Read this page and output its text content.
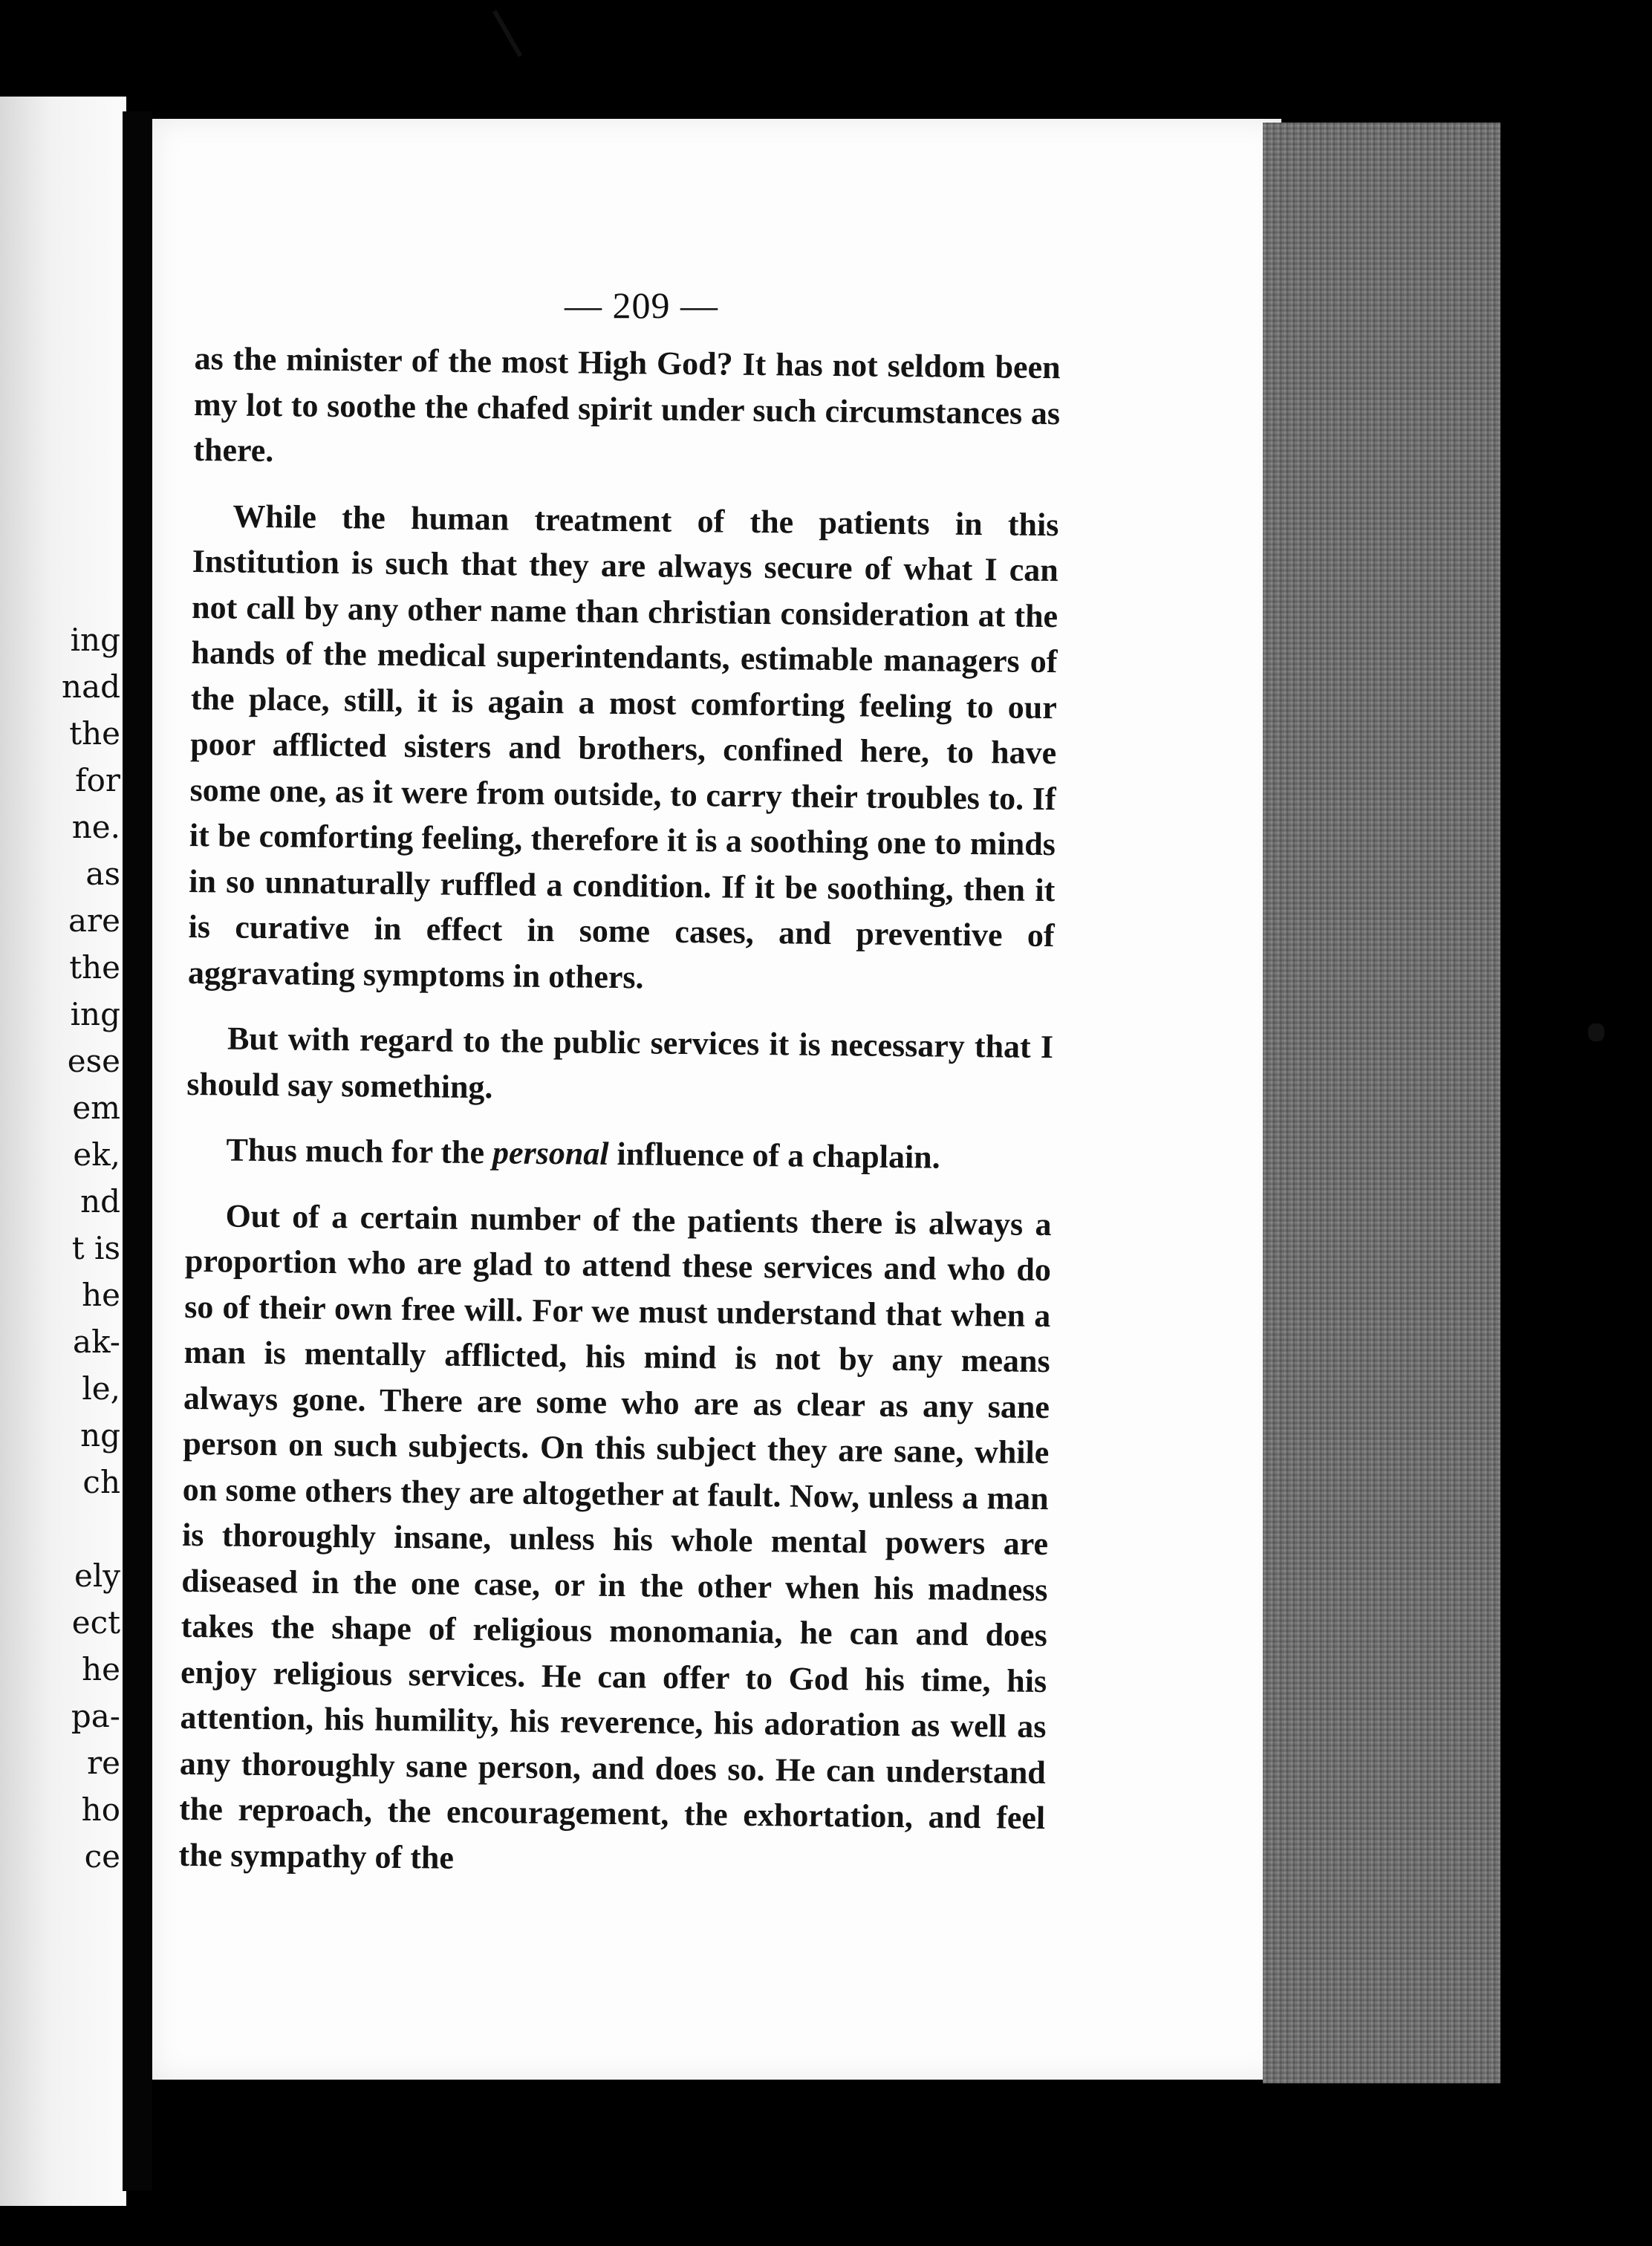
ing
nad
the
for
ne.
as
are
the
ing
ese
em
ek,
nd
t is
he
ak-
le,
ng
ch
ely
ect
he
pa-
re
ho
ce
— 209 —

as the minister of the most High God? It has not seldom been my lot to soothe the chafed spirit under such circumstances as there.

While the human treatment of the patients in this Institution is such that they are always secure of what I can not call by any other name than christian consideration at the hands of the medical superintendants, estimable managers of the place, still, it is again a most comforting feeling to our poor afflicted sisters and brothers, confined here, to have some one, as it were from outside, to carry their troubles to. If it be comforting feeling, therefore it is a soothing one to minds in so unnaturally ruffled a condition. If it be soothing, then it is curative in effect in some cases, and preventive of aggravating symptoms in others.

But with regard to the public services it is necessary that I should say something.

Thus much for the personal influence of a chaplain.

Out of a certain number of the patients there is always a proportion who are glad to attend these services and who do so of their own free will. For we must understand that when a man is mentally afflicted, his mind is not by any means always gone. There are some who are as clear as any sane person on such subjects. On this subject they are sane, while on some others they are altogether at fault. Now, unless a man is thoroughly insane, unless his whole mental powers are diseased in the one case, or in the other when his madness takes the shape of religious monomania, he can and does enjoy religious services. He can offer to God his time, his attention, his humility, his reverence, his adoration as well as any thoroughly sane person, and does so. He can understand the reproach, the encouragement, the exhortation, and feel the sympathy of the
